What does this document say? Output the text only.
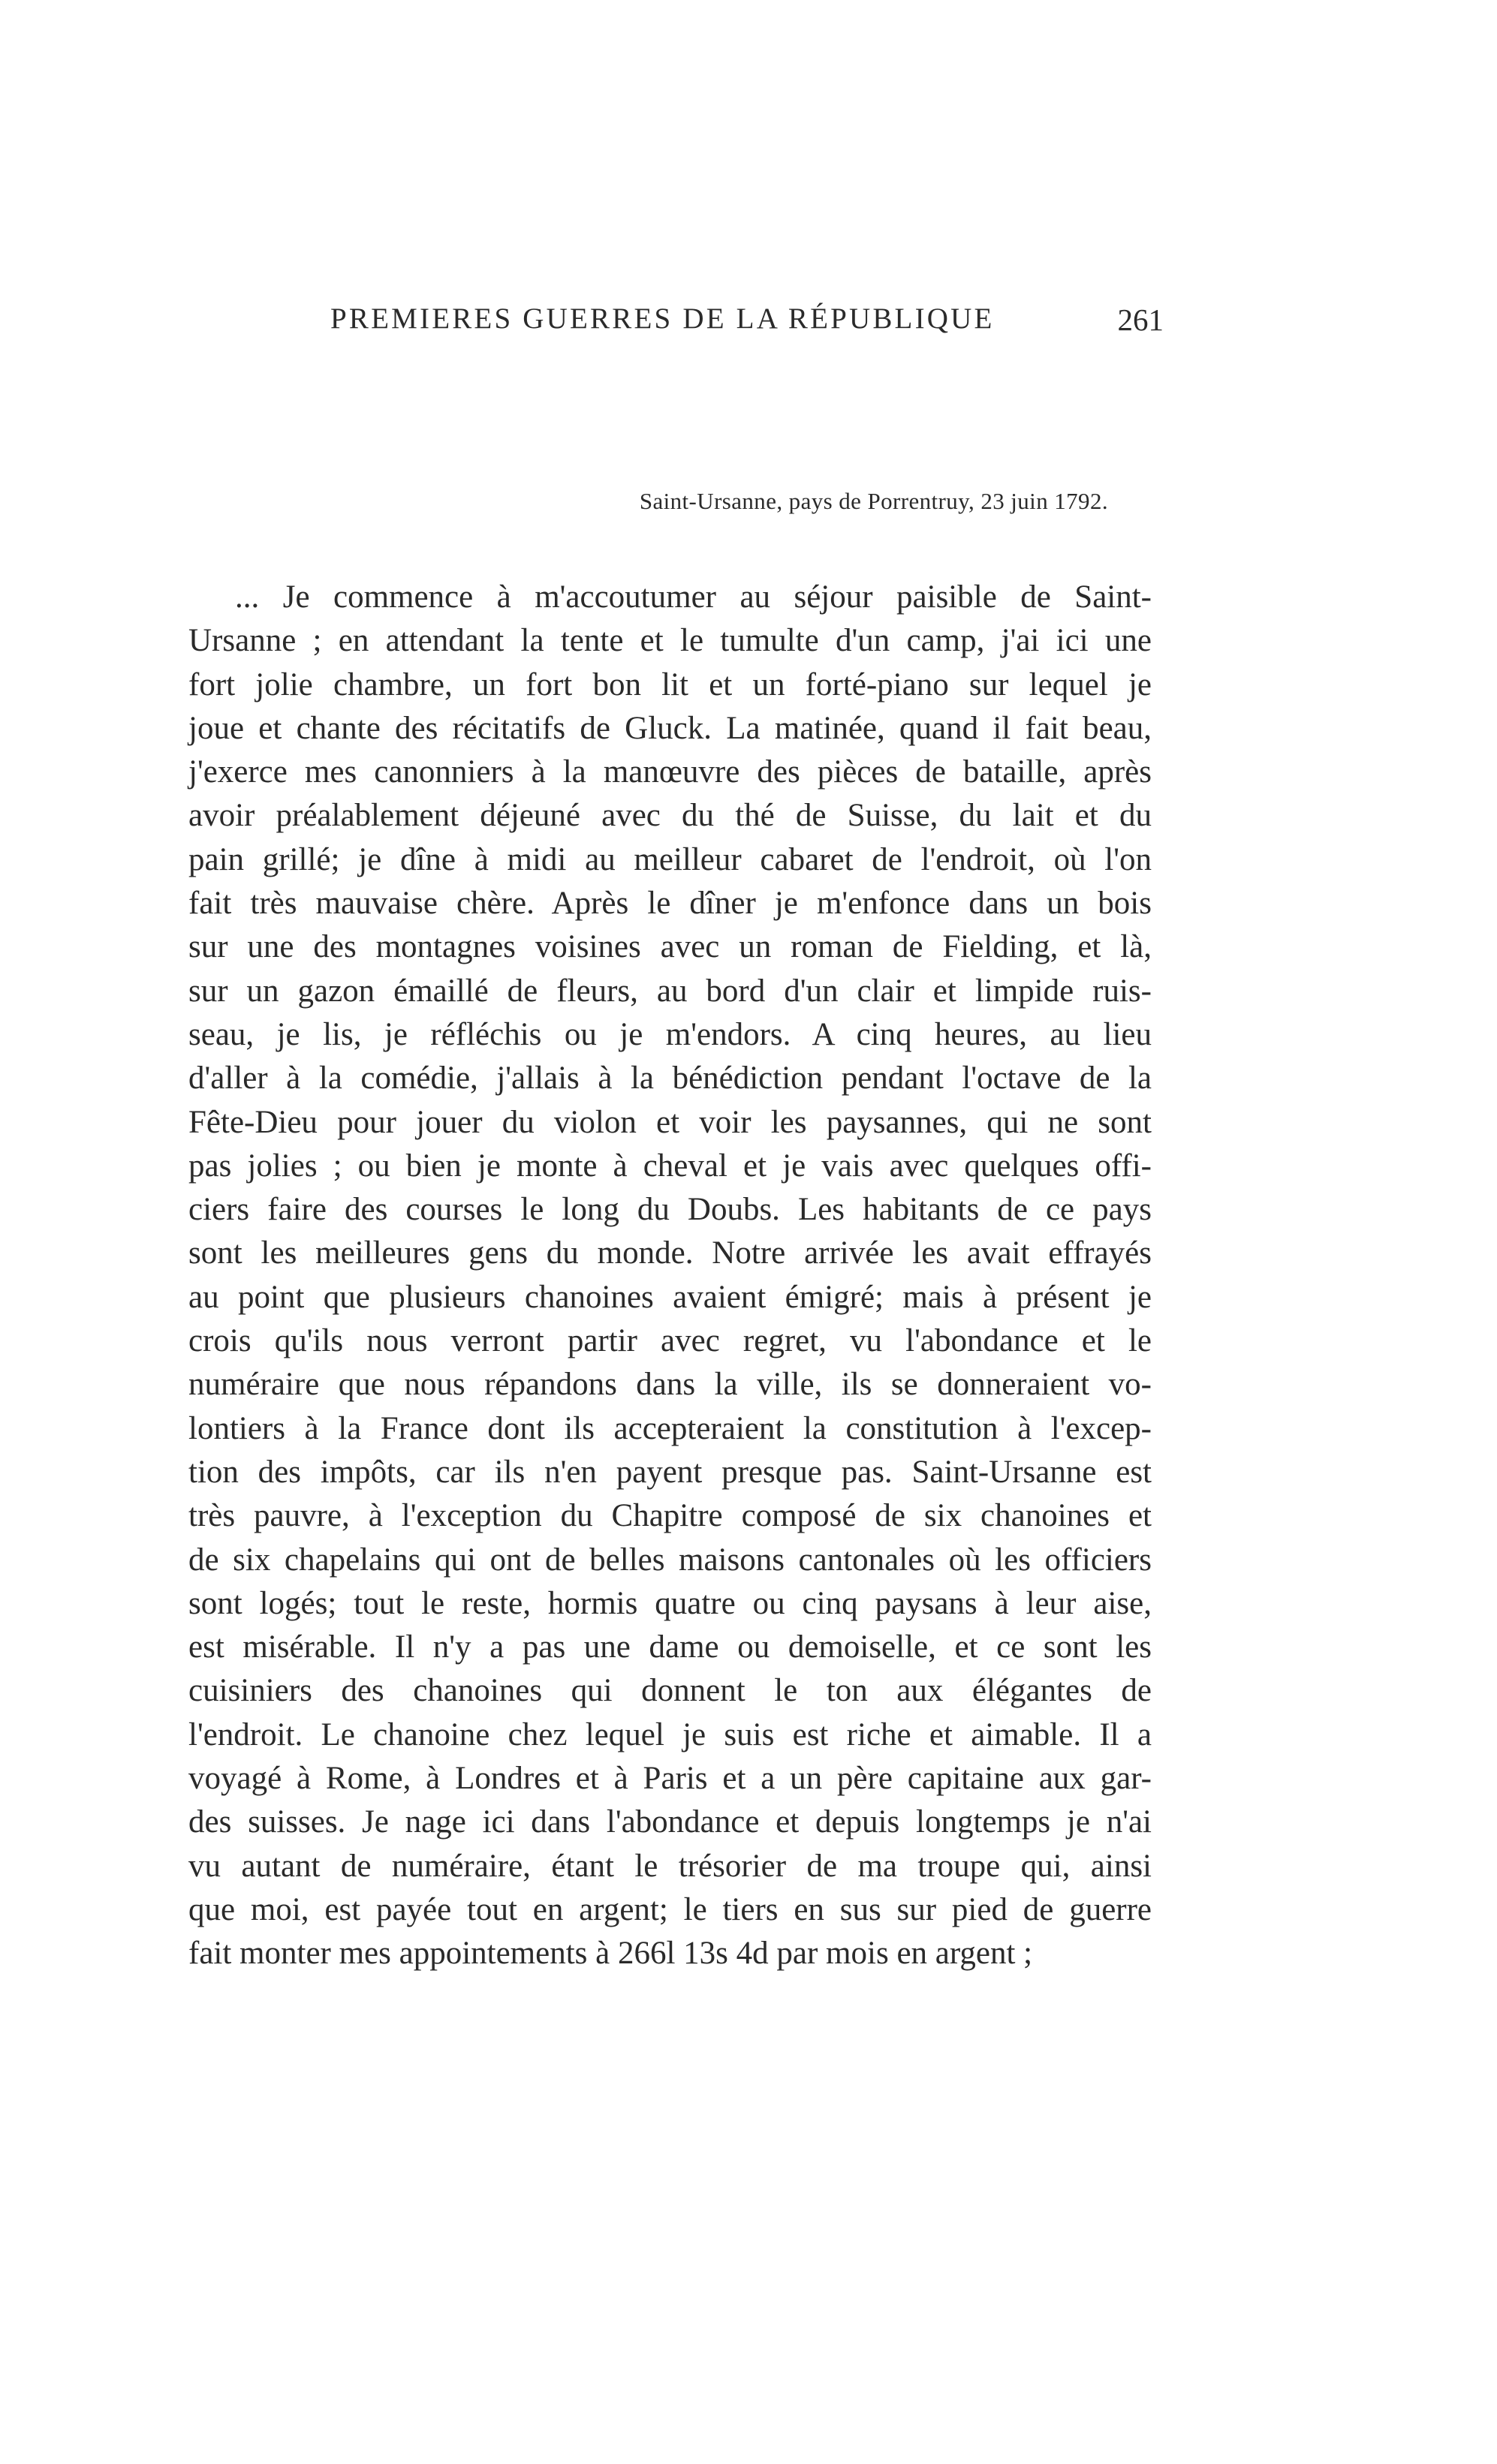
PREMIERES GUERRES DE LA RÉPUBLIQUE	261
Saint-Ursanne, pays de Porrentruy, 23 juin 1792.
... Je commence à m'accoutumer au séjour paisible de Saint-
Ursanne ; en attendant la tente et le tumulte d'un camp, j'ai ici une
fort jolie chambre, un fort bon lit et un forté-piano sur lequel je
joue et chante des récitatifs de Gluck. La matinée, quand il fait beau,
j'exerce mes canonniers à la manœuvre des pièces de bataille, après
avoir préalablement déjeuné avec du thé de Suisse, du lait et du
pain grillé; je dîne à midi au meilleur cabaret de l'endroit, où l'on
fait très mauvaise chère. Après le dîner je m'enfonce dans un bois
sur une des montagnes voisines avec un roman de Fielding, et là,
sur un gazon émaillé de fleurs, au bord d'un clair et limpide ruis-
seau, je lis, je réfléchis ou je m'endors. A cinq heures, au lieu
d'aller à la comédie, j'allais à la bénédiction pendant l'octave de la
Fête-Dieu pour jouer du violon et voir les paysannes, qui ne sont
pas jolies ; ou bien je monte à cheval et je vais avec quelques offi-
ciers faire des courses le long du Doubs. Les habitants de ce pays
sont les meilleures gens du monde. Notre arrivée les avait effrayés
au point que plusieurs chanoines avaient émigré; mais à présent je
crois qu'ils nous verront partir avec regret, vu l'abondance et le
numéraire que nous répandons dans la ville, ils se donneraient vo-
lontiers à la France dont ils accepteraient la constitution à l'excep-
tion des impôts, car ils n'en payent presque pas. Saint-Ursanne est
très pauvre, à l'exception du Chapitre composé de six chanoines et
de six chapelains qui ont de belles maisons cantonales où les officiers
sont logés; tout le reste, hormis quatre ou cinq paysans à leur aise,
est misérable. Il n'y a pas une dame ou demoiselle, et ce sont les
cuisiniers des chanoines qui donnent le ton aux élégantes de
l'endroit. Le chanoine chez lequel je suis est riche et aimable. Il a
voyagé à Rome, à Londres et à Paris et a un père capitaine aux gar-
des suisses. Je nage ici dans l'abondance et depuis longtemps je n'ai
vu autant de numéraire, étant le trésorier de ma troupe qui, ainsi
que moi, est payée tout en argent; le tiers en sus sur pied de guerre
fait monter mes appointements à 266l 13s 4d par mois en argent ;
